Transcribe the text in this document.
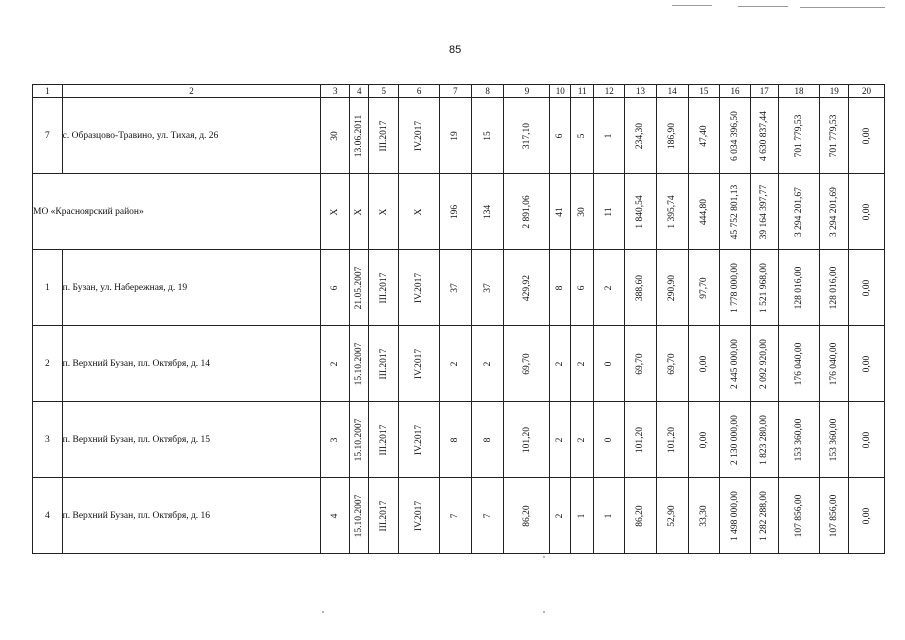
85
1	2	3	4	5	6	7	8	9	10	11	12	13	14	15	16	17	18	19	20
7	с. Образцово-Травино, ул. Тихая, д. 26	30	13.06.2011	III.2017	IV.2017	19	15	317,10	6	5	1	234,30	186,90	47,40	6 034 396,50	4 630 837,44	701 779,53	701 779,53	0,00

МО «Красноярский район»		X	X	X	X	196	134	2 891,06	41	30	11	1 840,54	1 395,74	444,80	45 752 801,13	39 164 397,77	3 294 201,67	3 294 201,69	0,00

1	п. Бузан, ул. Набережная, д. 19	6	21.05.2007	III.2017	IV.2017	37	37	429,92	8	6	2	388,60	290,90	97,70	1 778 000,00	1 521 968,00	128 016,00	128 016,00	0,00

2	п. Верхний Бузан, пл. Октября, д. 14	2	15.10.2007	III.2017	IV.2017	2	2	69,70	2	2	0	69,70	69,70	0,00	2 445 000,00	2 092 920,00	176 040,00	176 040,00	0,00

3	п. Верхний Бузан, пл. Октября, д. 15	3	15.10.2007	III.2017	IV.2017	8	8	101,20	2	2	0	101,20	101,20	0,00	2 130 000,00	1 823 280,00	153 360,00	153 360,00	0,00

4	п. Верхний Бузан, пл. Октября, д. 16	4	15.10.2007	III.2017	IV.2017	7	7	86,20	2	1	1	86,20	52,90	33,30	1 498 000,00	1 282 288,00	107 856,00	107 856,00	0,00
